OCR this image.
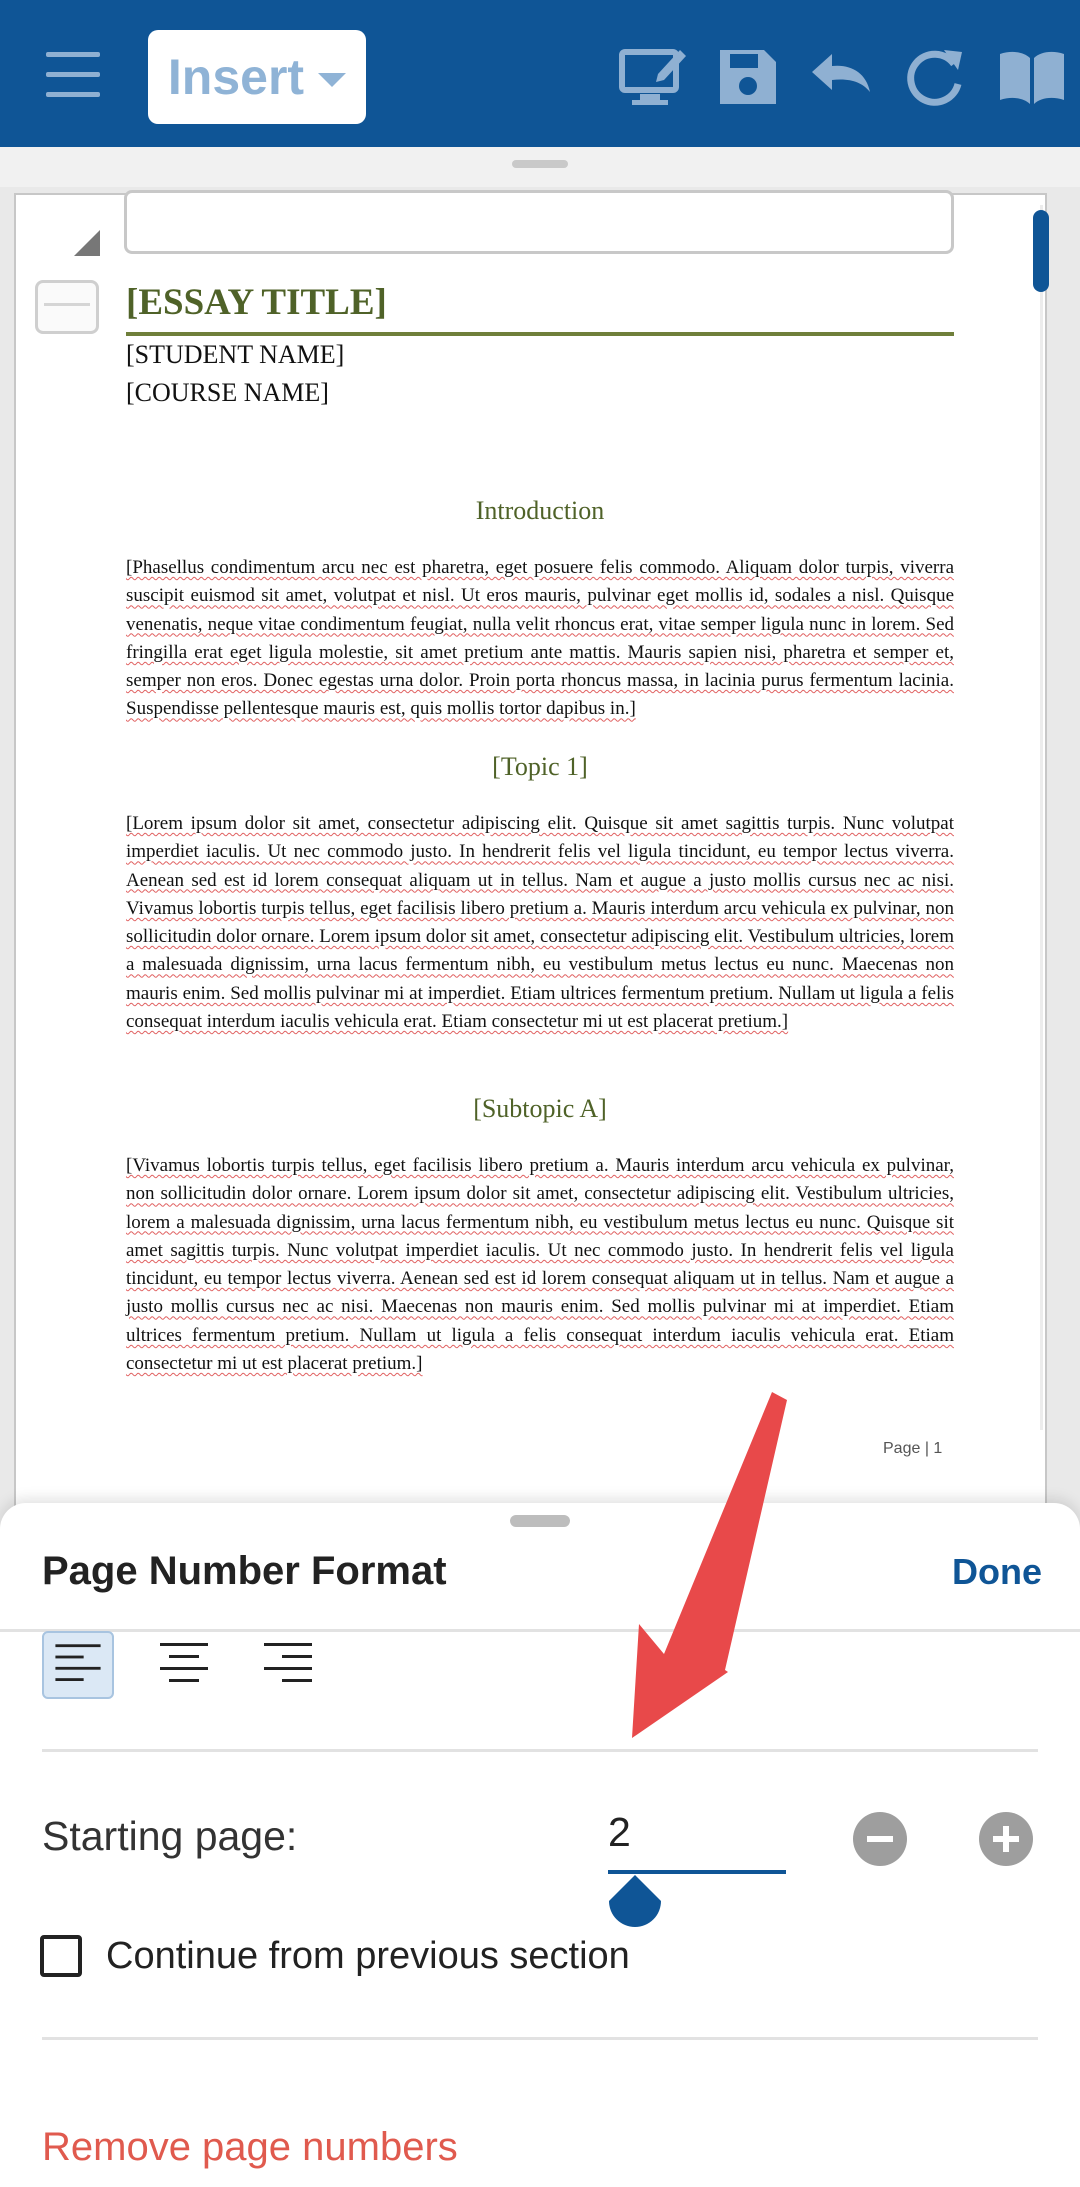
Insert
[ESSAY TITLE]
[STUDENT NAME]
[COURSE NAME]
Introduction
[Phasellus condimentum arcu nec est pharetra, eget posuere felis commodo. Aliquam dolor turpis, viverra suscipit euismod sit amet, volutpat et nisl. Ut eros mauris, pulvinar eget mollis id, sodales a nisl. Quisque venenatis, neque vitae condimentum feugiat, nulla velit rhoncus erat, vitae semper ligula nunc in lorem. Sed fringilla erat eget ligula molestie, sit amet pretium ante mattis. Mauris sapien nisi, pharetra et semper et, semper non eros. Donec egestas urna dolor. Proin porta rhoncus massa, in lacinia purus fermentum lacinia. Suspendisse pellentesque mauris est, quis mollis tortor dapibus in.]
[Topic 1]
[Lorem ipsum dolor sit amet, consectetur adipiscing elit. Quisque sit amet sagittis turpis. Nunc volutpat imperdiet iaculis. Ut nec commodo justo. In hendrerit felis vel ligula tincidunt, eu tempor lectus viverra. Aenean sed est id lorem consequat aliquam ut in tellus. Nam et augue a justo mollis cursus nec ac nisi. Vivamus lobortis turpis tellus, eget facilisis libero pretium a. Mauris interdum arcu vehicula ex pulvinar, non sollicitudin dolor ornare. Lorem ipsum dolor sit amet, consectetur adipiscing elit. Vestibulum ultricies, lorem a malesuada dignissim, urna lacus fermentum nibh, eu vestibulum metus lectus eu nunc. Maecenas non mauris enim. Sed mollis pulvinar mi at imperdiet. Etiam ultrices fermentum pretium. Nullam ut ligula a felis consequat interdum iaculis vehicula erat. Etiam consectetur mi ut est placerat pretium.]
[Subtopic A]
[Vivamus lobortis turpis tellus, eget facilisis libero pretium a. Mauris interdum arcu vehicula ex pulvinar, non sollicitudin dolor ornare. Lorem ipsum dolor sit amet, consectetur adipiscing elit. Vestibulum ultricies, lorem a malesuada dignissim, urna lacus fermentum nibh, eu vestibulum metus lectus eu nunc. Quisque sit amet sagittis turpis. Nunc volutpat imperdiet iaculis. Ut nec commodo justo. In hendrerit felis vel ligula tincidunt, eu tempor lectus viverra. Aenean sed est id lorem consequat aliquam ut in tellus. Nam et augue a justo mollis cursus nec ac nisi. Maecenas non mauris enim. Sed mollis pulvinar mi at imperdiet. Etiam ultrices fermentum pretium. Nullam ut ligula a felis consequat interdum iaculis vehicula erat. Etiam consectetur mi ut est placerat pretium.]
Page | 1
Page Number Format	Done
Starting page:	2
Continue from previous section
Remove page numbers
